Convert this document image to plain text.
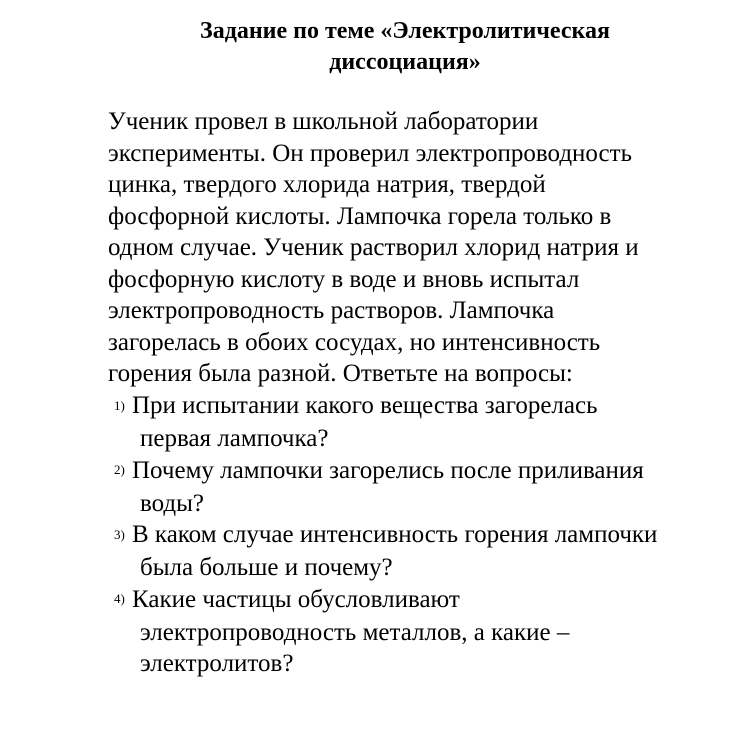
Задание по теме «Электролитическая
диссоциация»

Ученик провел в школьной лаборатории
эксперименты. Он проверил электропроводность
цинка, твердого хлорида натрия, твердой
фосфорной кислоты. Лампочка горела только в
одном случае. Ученик растворил хлорид натрия и
фосфорную кислоту в воде и вновь испытал
электропроводность растворов. Лампочка
загорелась в обоих сосудах, но интенсивность
горения была разной. Ответьте на вопросы:

1) При испытании какого вещества загорелась
первая лампочка?
2) Почему лампочки загорелись после приливания
воды?
3) В каком случае интенсивность горения лампочки
была больше и почему?
4) Какие частицы обусловливают
электропроводность металлов, а какие –
электролитов?
